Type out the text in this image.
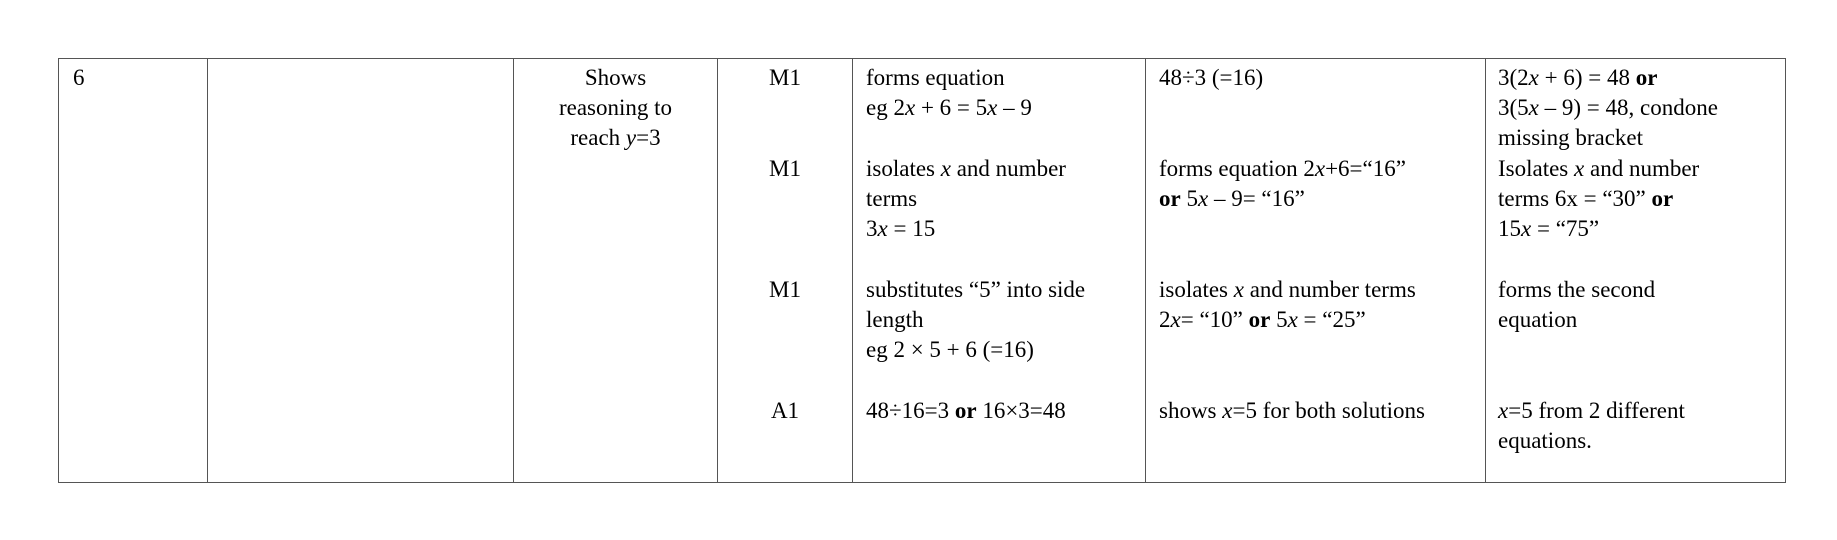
6	Shows
reasoning to
reach y=3
M1
M1
M1
A1
forms equation
eg 2x + 6 = 5x – 9
isolates x and number
terms
3x = 15
substitutes “5” into side
length
eg 2 × 5 + 6 (=16)
48÷16=3 or 16×3=48
48÷3 (=16)
forms equation 2x+6=“16”
or 5x – 9= “16”
isolates x and number terms
2x= “10” or 5x = “25”
shows x=5 for both solutions
3(2x + 6) = 48 or
3(5x – 9) = 48, condone
missing bracket
Isolates x and number
terms 6x = “30” or
15x = “75”
forms the second
equation
x=5 from 2 different
equations.
